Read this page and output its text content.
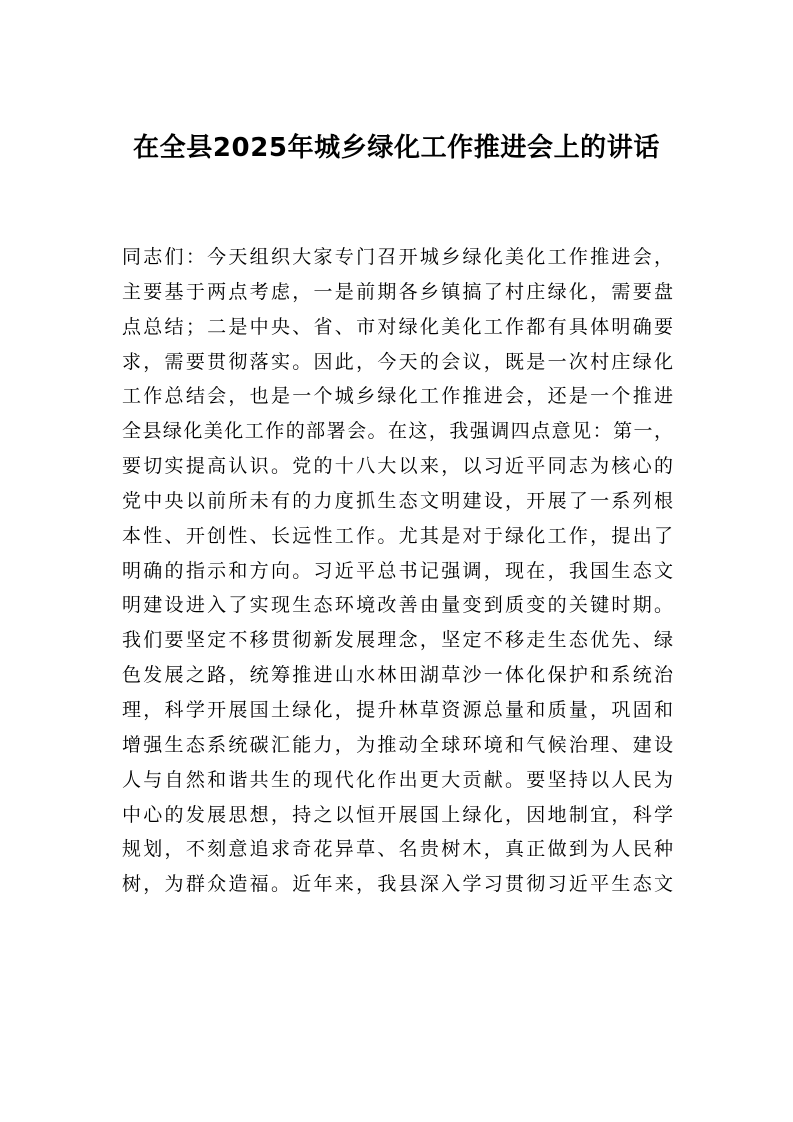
在全县2025年城乡绿化工作推进会上的讲话
同志们：今天组织大家专门召开城乡绿化美化工作推进会，
主要基于两点考虑，一是前期各乡镇搞了村庄绿化，需要盘
点总结；二是中央、省、市对绿化美化工作都有具体明确要
求，需要贯彻落实。因此，今天的会议，既是一次村庄绿化
工作总结会，也是一个城乡绿化工作推进会，还是一个推进
全县绿化美化工作的部署会。在这，我强调四点意见：第一，
要切实提高认识。党的十八大以来，以习近平同志为核心的
党中央以前所未有的力度抓生态文明建设，开展了一系列根
本性、开创性、长远性工作。尤其是对于绿化工作，提出了
明确的指示和方向。习近平总书记强调，现在，我国生态文
明建设进入了实现生态环境改善由量变到质变的关键时期。
我们要坚定不移贯彻新发展理念，坚定不移走生态优先、绿
色发展之路，统筹推进山水林田湖草沙一体化保护和系统治
理，科学开展国土绿化，提升林草资源总量和质量，巩固和
增强生态系统碳汇能力，为推动全球环境和气候治理、建设
人与自然和谐共生的现代化作出更大贡献。要坚持以人民为
中心的发展思想，持之以恒开展国上绿化，因地制宜，科学
规划，不刻意追求奇花异草、名贵树木，真正做到为人民种
树，为群众造福。近年来，我县深入学习贯彻习近平生态文
